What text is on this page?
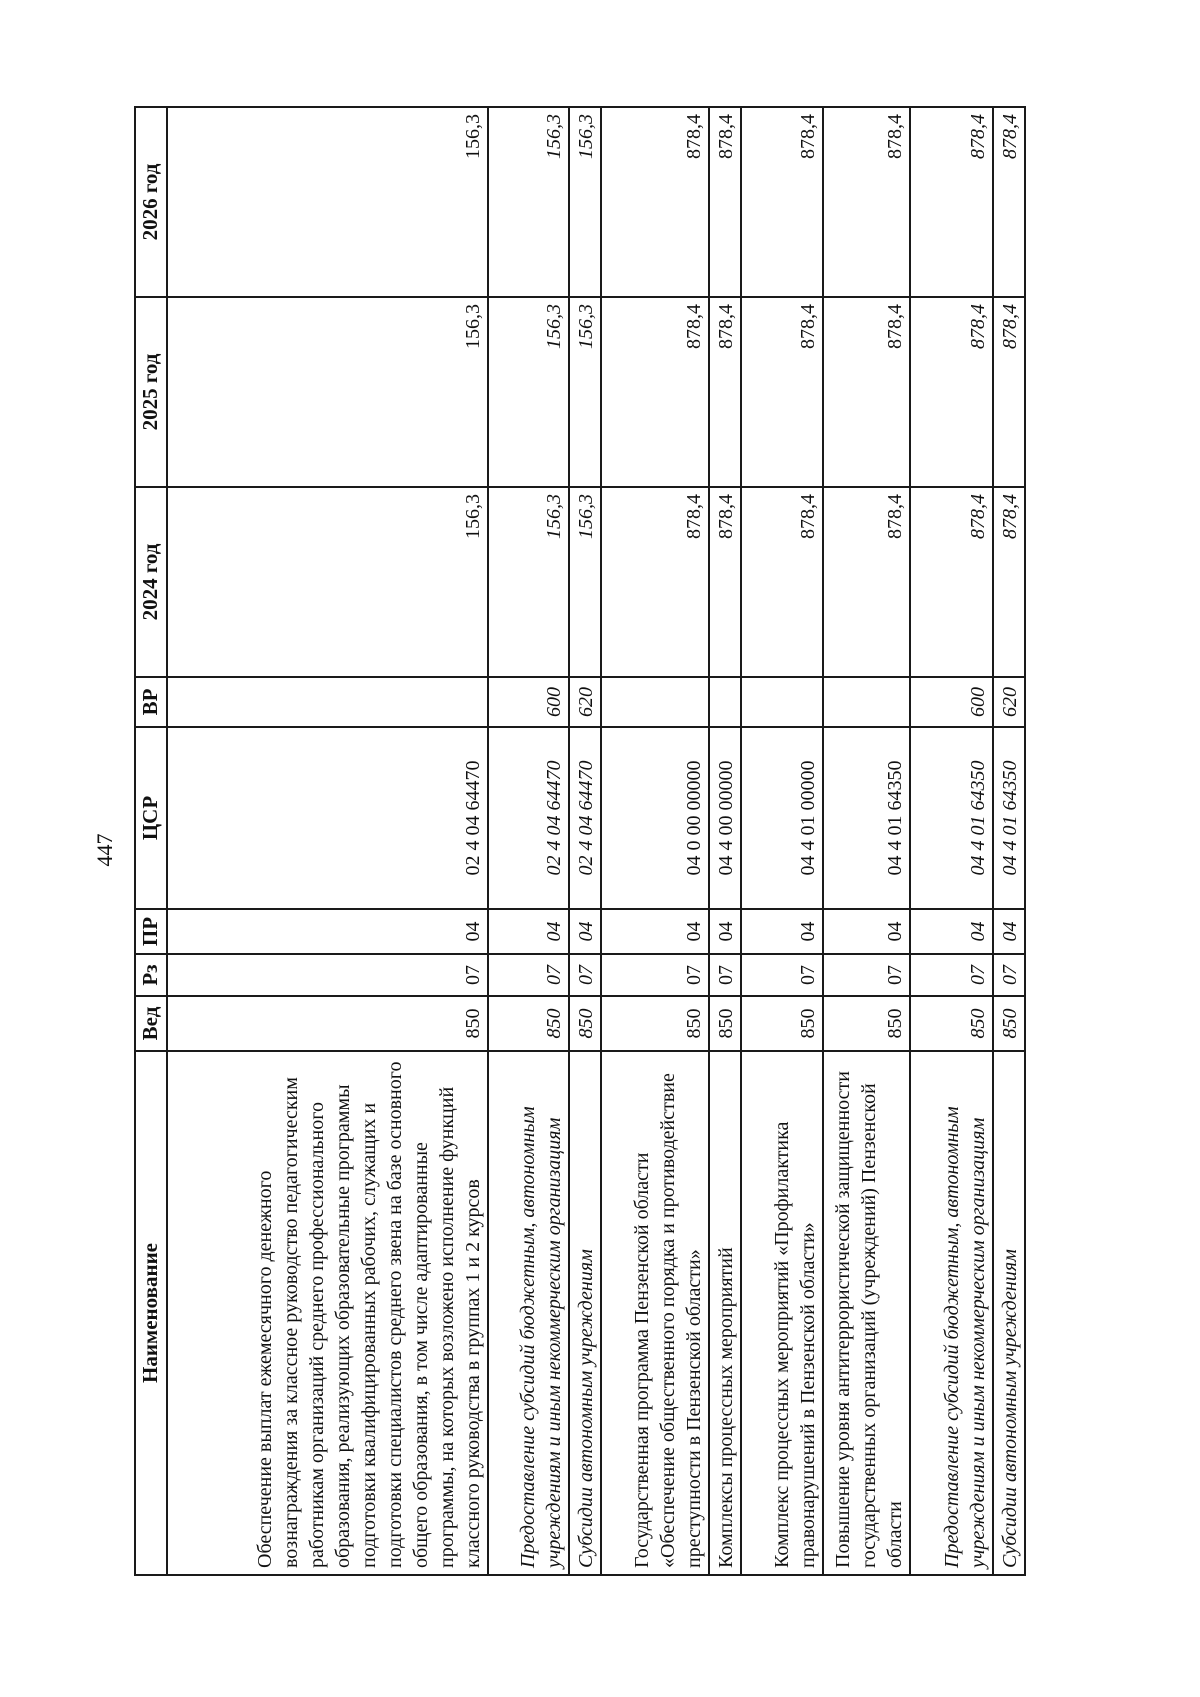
447
Наименование	Вед	Рз	ПР	ЦСР	ВР	2024 год	2025 год	2026 год
Обеспечение выплат ежемесячного денежного вознаграждения за классное руководство педагогическим работникам организаций среднего профессионального образования, реализующих образовательные программы подготовки квалифицированных рабочих, служащих и подготовки специалистов среднего звена на базе основного общего образования, в том числе адаптированные программы, на которых возложено исполнение функций классного руководства в группах 1 и 2 курсов	850	07	04	02 4 04 64470		156,3	156,3	156,3
Предоставление субсидий бюджетным, автономным учреждениям и иным некоммерческим организациям	850	07	04	02 4 04 64470	600	156,3	156,3	156,3
Субсидии автономным учреждениям	850	07	04	02 4 04 64470	620	156,3	156,3	156,3
Государственная программа Пензенской области «Обеспечение общественного порядка и противодействие преступности в Пензенской области»	850	07	04	04 0 00 00000		878,4	878,4	878,4
Комплексы процессных мероприятий	850	07	04	04 4 00 00000		878,4	878,4	878,4
Комплекс процессных мероприятий «Профилактика правонарушений в Пензенской области»	850	07	04	04 4 01 00000		878,4	878,4	878,4
Повышение уровня антитеррористической защищенности государственных организаций (учреждений) Пензенской области	850	07	04	04 4 01 64350		878,4	878,4	878,4
Предоставление субсидий бюджетным, автономным учреждениям и иным некоммерческим организациям	850	07	04	04 4 01 64350	600	878,4	878,4	878,4
Субсидии автономным учреждениям	850	07	04	04 4 01 64350	620	878,4	878,4	878,4
